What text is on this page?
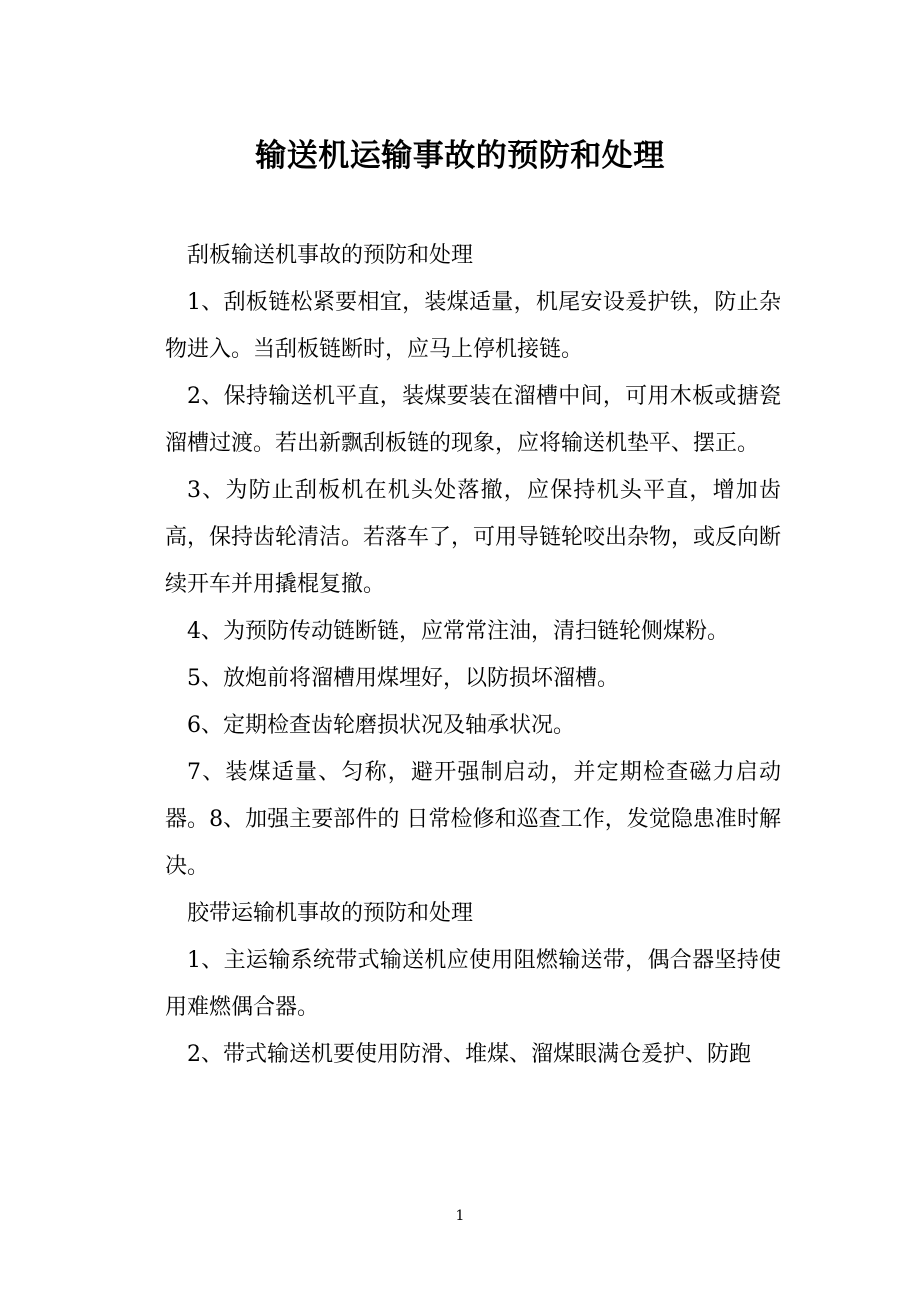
输送机运输事故的预防和处理

刮板输送机事故的预防和处理

1、刮板链松紧要相宜，装煤适量，机尾安设爰护铁，防止杂物进入。当刮板链断时，应马上停机接链。

2、保持输送机平直，装煤要装在溜槽中间，可用木板或搪瓷溜槽过渡。若出新飘刮板链的现象，应将输送机垫平、摆正。

3、为防止刮板机在机头处落撤，应保持机头平直，增加齿高，保持齿轮清洁。若落车了，可用导链轮咬出杂物，或反向断续开车并用撬棍复撤。

4、为预防传动链断链，应常常注油，清扫链轮侧煤粉。

5、放炮前将溜槽用煤埋好，以防损坏溜槽。

6、定期检查齿轮磨损状况及轴承状况。

7、装煤适量、匀称，避开强制启动，并定期检查磁力启动器。8、加强主要部件的 日常检修和巡查工作，发觉隐患准时解决。

胶带运输机事故的预防和处理

1、主运输系统带式输送机应使用阻燃输送带，偶合器坚持使用难燃偶合器。

2、带式输送机要使用防滑、堆煤、溜煤眼满仓爰护、防跑

1
